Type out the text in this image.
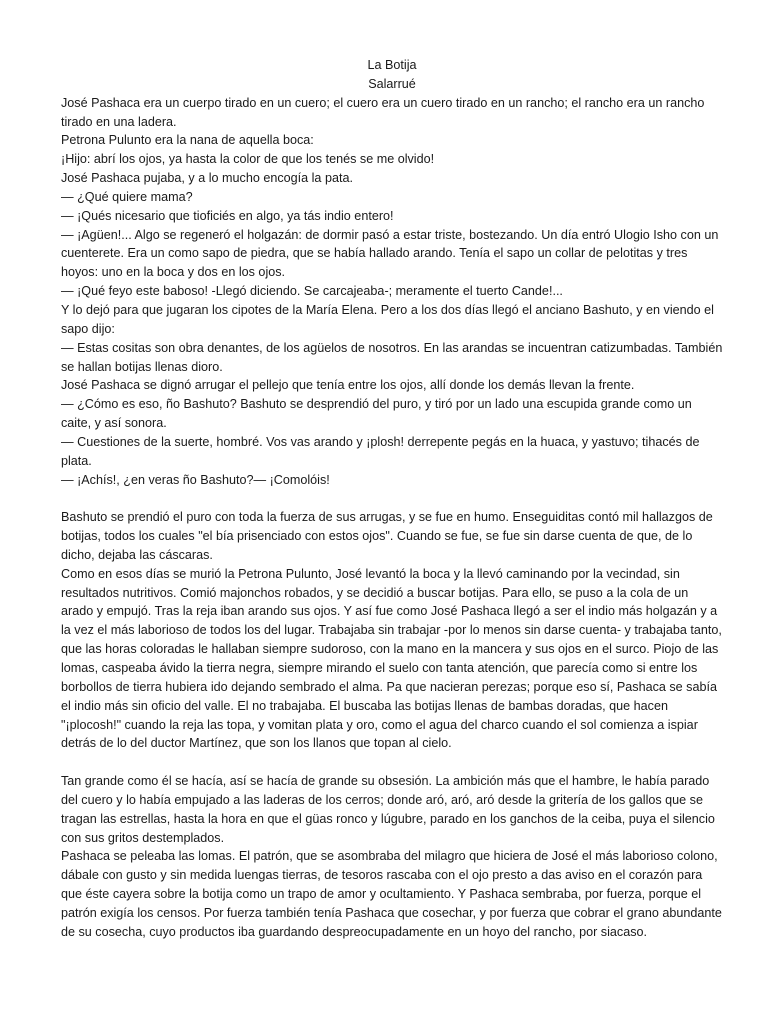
La Botija
Salarrué
José Pashaca era un cuerpo tirado en un cuero; el cuero era un cuero tirado en un rancho; el rancho era un rancho tirado en una ladera.
Petrona Pulunto era la nana de aquella boca:
¡Hijo: abrí los ojos, ya hasta la color de que los tenés se me olvido!
José Pashaca pujaba, y a lo mucho encogía la pata.
— ¿Qué quiere mama?
— ¡Qués nicesario que tioficiés en algo, ya tás indio entero!
— ¡Agüen!... Algo se regeneró el holgazán: de dormir pasó a estar triste, bostezando. Un día entró Ulogio Isho con un cuenterete. Era un como sapo de piedra, que se había hallado arando. Tenía el sapo un collar de pelotitas y tres hoyos: uno en la boca y dos en los ojos.
— ¡Qué feyo este baboso! -Llegó diciendo. Se carcajeaba-; meramente el tuerto Cande!...
Y lo dejó para que jugaran los cipotes de la María Elena. Pero a los dos días llegó el anciano Bashuto, y en viendo el sapo dijo:
— Estas cositas son obra denantes, de los agüelos de nosotros. En las arandas se incuentran catizumbadas. También se hallan botijas llenas dioro.
José Pashaca se dignó arrugar el pellejo que tenía entre los ojos, allí donde los demás llevan la frente.
— ¿Cómo es eso, ño Bashuto? Bashuto se desprendió del puro, y tiró por un lado una escupida grande como un caite, y así sonora.
— Cuestiones de la suerte, hombré. Vos vas arando y ¡plosh! derrepente pegás en la huaca, y yastuvo; tihacés de plata.
— ¡Achís!, ¿en veras ño Bashuto?— ¡Comolóis!
Bashuto se prendió el puro con toda la fuerza de sus arrugas, y se fue en humo. Enseguiditas contó mil hallazgos de botijas, todos los cuales "el bía prisenciado con estos ojos". Cuando se fue, se fue sin darse cuenta de que, de lo dicho, dejaba las cáscaras.
Como en esos días se murió la Petrona Pulunto, José levantó la boca y la llevó caminando por la vecindad, sin resultados nutritivos. Comió majonchos robados, y se decidió a buscar botijas. Para ello, se puso a la cola de un arado y empujó. Tras la reja iban arando sus ojos. Y así fue como José Pashaca llegó a ser el indio más holgazán y a la vez el más laborioso de todos los del lugar. Trabajaba sin trabajar -por lo menos sin darse cuenta- y trabajaba tanto, que las horas coloradas le hallaban siempre sudoroso, con la mano en la mancera y sus ojos en el surco. Piojo de las lomas, caspeaba ávido la tierra negra, siempre mirando el suelo con tanta atención, que parecía como si entre los borbollos de tierra hubiera ido dejando sembrado el alma. Pa que nacieran perezas; porque eso sí, Pashaca se sabía el indio más sin oficio del valle. El no trabajaba. El buscaba las botijas llenas de bambas doradas, que hacen "¡plocosh!" cuando la reja las topa, y vomitan plata y oro, como el agua del charco cuando el sol comienza a ispiar detrás de lo del ductor Martínez, que son los llanos que topan al cielo.
Tan grande como él se hacía, así se hacía de grande su obsesión. La ambición más que el hambre, le había parado del cuero y lo había empujado a las laderas de los cerros; donde aró, aró, aró desde la gritería de los gallos que se tragan las estrellas, hasta la hora en que el güas ronco y lúgubre, parado en los ganchos de la ceiba, puya el silencio con sus gritos destemplados.
Pashaca se peleaba las lomas. El patrón, que se asombraba del milagro que hiciera de José el más laborioso colono, dábale con gusto y sin medida luengas tierras, de tesoros rascaba con el ojo presto a das aviso en el corazón para que éste cayera sobre la botija como un trapo de amor y ocultamiento. Y Pashaca sembraba, por fuerza, porque el patrón exigía los censos. Por fuerza también tenía Pashaca que cosechar, y por fuerza que cobrar el grano abundante de su cosecha, cuyo productos iba guardando despreocupadamente en un hoyo del rancho, por siacaso.
